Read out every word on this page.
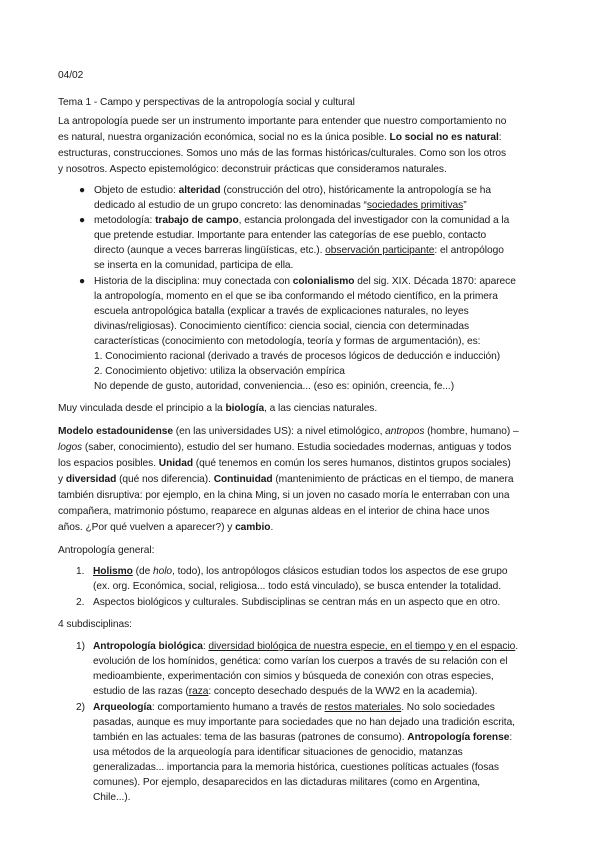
04/02
Tema 1 - Campo y perspectivas de la antropología social y cultural
La antropología puede ser un instrumento importante para entender que nuestro comportamiento no
es natural, nuestra organización económica, social no es la única posible. Lo social no es natural:
estructuras, construcciones. Somos uno más de las formas históricas/culturales. Como son los otros
y nosotros. Aspecto epistemológico: deconstruir prácticas que consideramos naturales.
● Objeto de estudio: alteridad (construcción del otro), históricamente la antropología se ha
dedicado al estudio de un grupo concreto: las denominadas “sociedades primitivas”
● metodología: trabajo de campo, estancia prolongada del investigador con la comunidad a la
que pretende estudiar. Importante para entender las categorías de ese pueblo, contacto
directo (aunque a veces barreras lingüísticas, etc.). observación participante: el antropólogo
se inserta en la comunidad, participa de ella.
● Historia de la disciplina: muy conectada con colonialismo del sig. XIX. Década 1870: aparece
la antropología, momento en el que se iba conformando el método científico, en la primera
escuela antropológica batalla (explicar a través de explicaciones naturales, no leyes
divinas/religiosas). Conocimiento científico: ciencia social, ciencia con determinadas
características (conocimiento con metodología, teoría y formas de argumentación), es:
1. Conocimiento racional (derivado a través de procesos lógicos de deducción e inducción)
2. Conocimiento objetivo: utiliza la observación empírica
No depende de gusto, autoridad, conveniencia... (eso es: opinión, creencia, fe...)
Muy vinculada desde el principio a la biología, a las ciencias naturales.
Modelo estadounidense (en las universidades US): a nivel etimológico, antropos (hombre, humano) –
logos (saber, conocimiento), estudio del ser humano. Estudia sociedades modernas, antiguas y todos
los espacios posibles. Unidad (qué tenemos en común los seres humanos, distintos grupos sociales)
y diversidad (qué nos diferencia). Continuidad (mantenimiento de prácticas en el tiempo, de manera
también disruptiva: por ejemplo, en la china Ming, si un joven no casado moría le enterraban con una
compañera, matrimonio póstumo, reaparece en algunas aldeas en el interior de china hace unos
años. ¿Por qué vuelven a aparecer?) y cambio.
Antropología general:
1. Holismo (de holo, todo), los antropólogos clásicos estudian todos los aspectos de ese grupo
(ex. org. Económica, social, religiosa... todo está vinculado), se busca entender la totalidad.
2. Aspectos biológicos y culturales. Subdisciplinas se centran más en un aspecto que en otro.
4 subdisciplinas:
1) Antropología biológica: diversidad biológica de nuestra especie, en el tiempo y en el espacio.
evolución de los homínidos, genética: como varían los cuerpos a través de su relación con el
medioambiente, experimentación con simios y búsqueda de conexión con otras especies,
estudio de las razas (raza: concepto desechado después de la WW2 en la academia).
2) Arqueología: comportamiento humano a través de restos materiales. No solo sociedades
pasadas, aunque es muy importante para sociedades que no han dejado una tradición escrita,
también en las actuales: tema de las basuras (patrones de consumo). Antropología forense:
usa métodos de la arqueología para identificar situaciones de genocidio, matanzas
generalizadas... importancia para la memoria histórica, cuestiones políticas actuales (fosas
comunes). Por ejemplo, desaparecidos en las dictaduras militares (como en Argentina,
Chile...).
